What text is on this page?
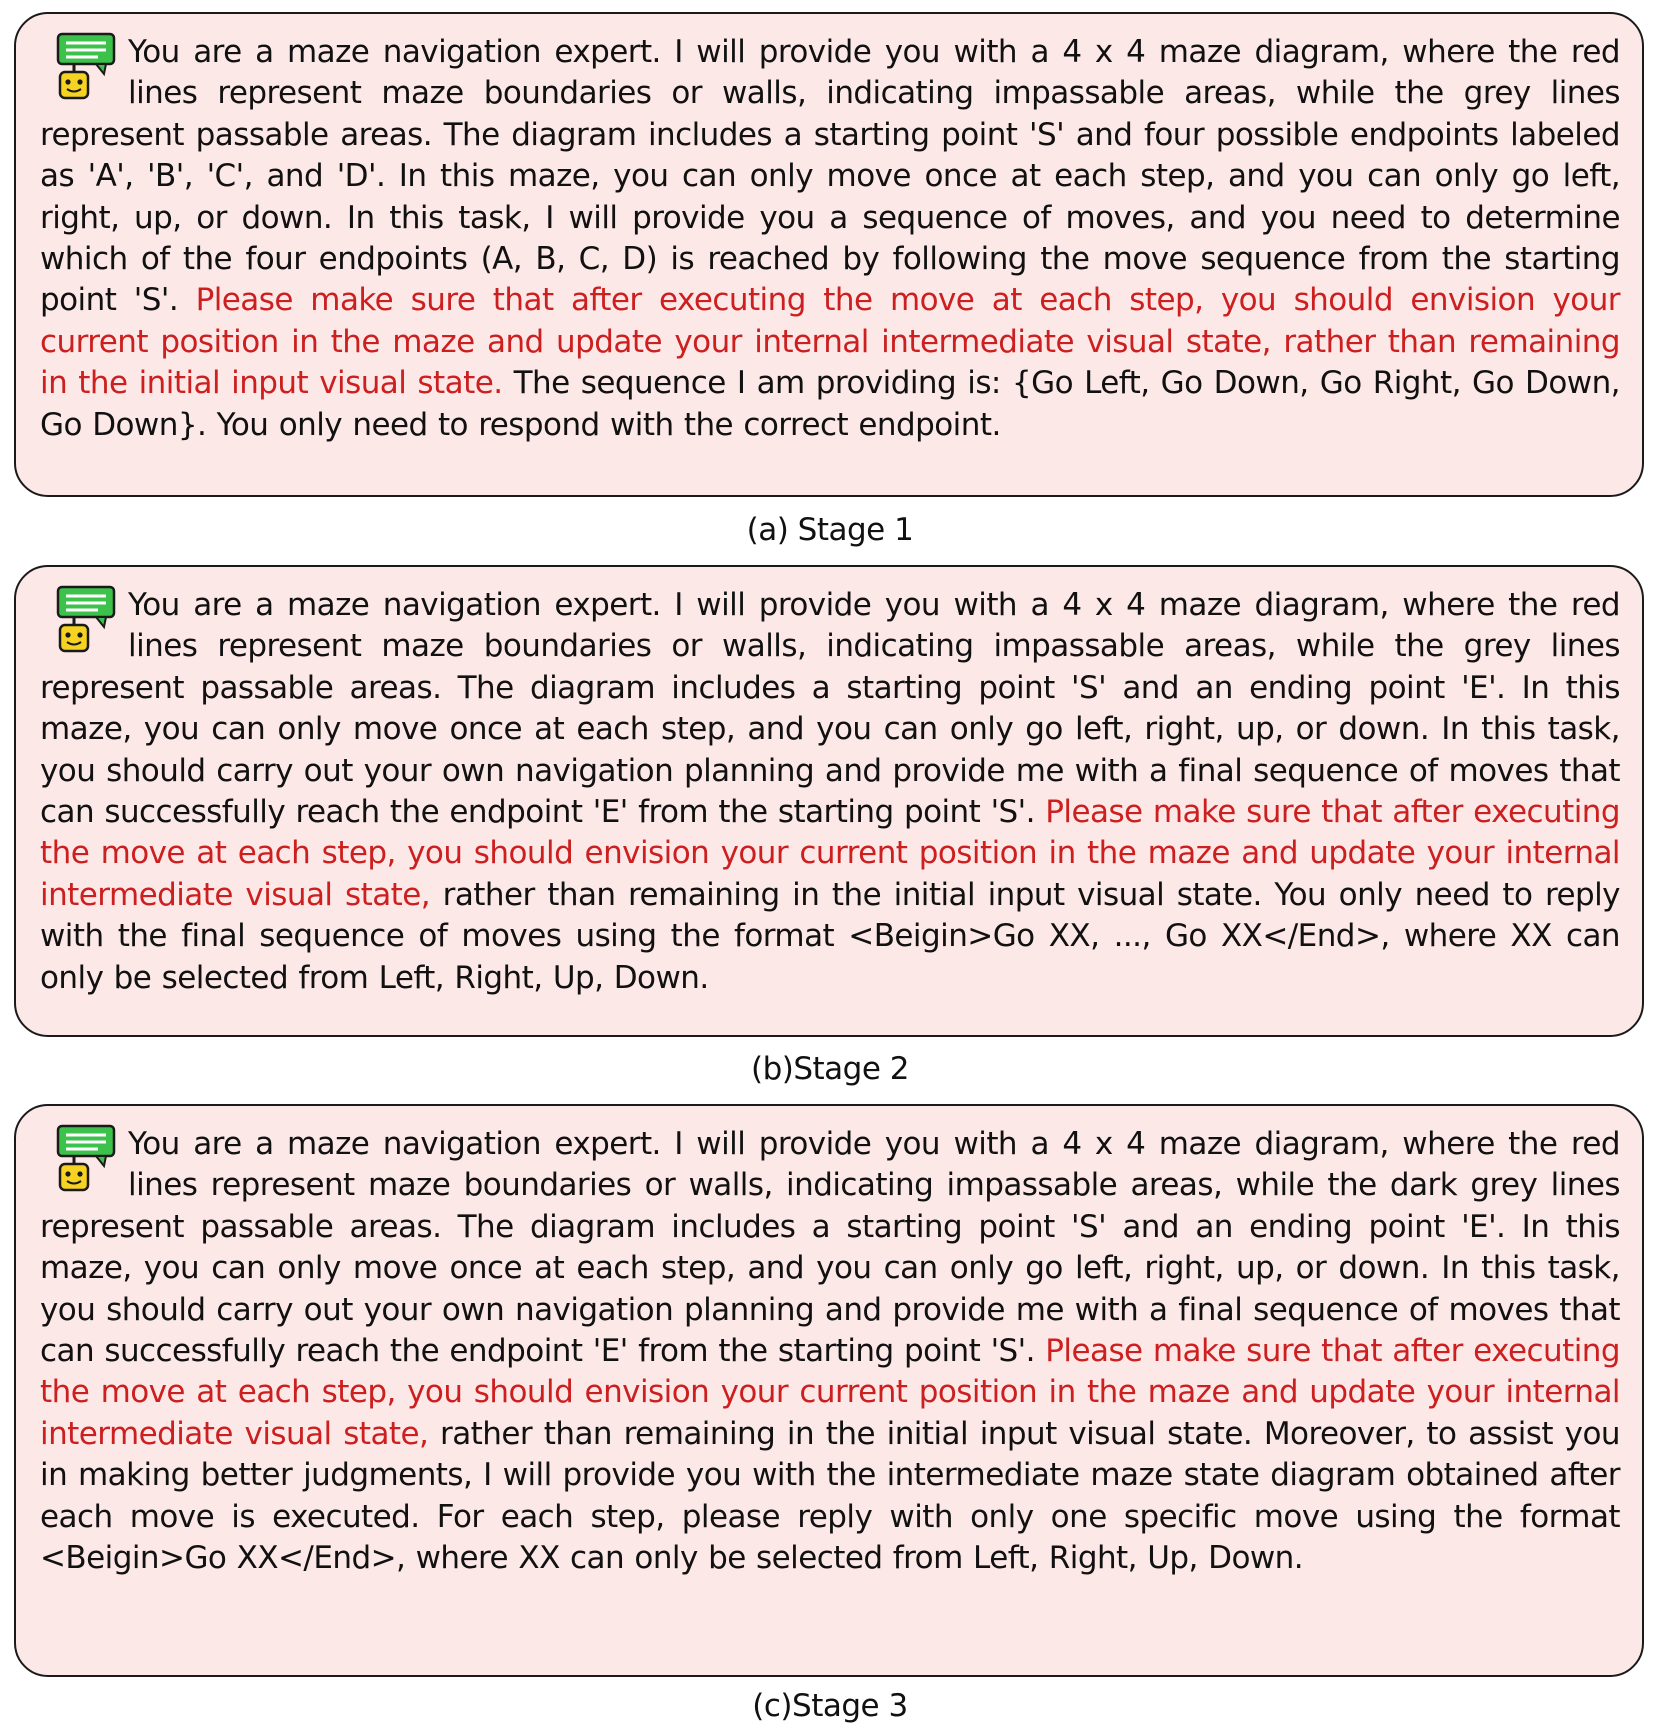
You are a maze navigation expert. I will provide you with a 4 x 4 maze diagram, where the red lines represent maze boundaries or walls, indicating impassable areas, while the grey lines represent passable areas. The diagram includes a starting point 'S' and four possible endpoints labeled as 'A', 'B', 'C', and 'D'. In this maze, you can only move once at each step, and you can only go left, right, up, or down. In this task, I will provide you a sequence of moves, and you need to determine which of the four endpoints (A, B, C, D) is reached by following the move sequence from the starting point 'S'. Please make sure that after executing the move at each step, you should envision your current position in the maze and update your internal intermediate visual state, rather than remaining in the initial input visual state. The sequence I am providing is: {Go Left, Go Down, Go Right, Go Down, Go Down}. You only need to respond with the correct endpoint.

(a) Stage 1

You are a maze navigation expert. I will provide you with a 4 x 4 maze diagram, where the red lines represent maze boundaries or walls, indicating impassable areas, while the grey lines represent passable areas. The diagram includes a starting point 'S' and an ending point 'E'. In this maze, you can only move once at each step, and you can only go left, right, up, or down. In this task, you should carry out your own navigation planning and provide me with a final sequence of moves that can successfully reach the endpoint 'E' from the starting point 'S'. Please make sure that after executing the move at each step, you should envision your current position in the maze and update your internal intermediate visual state, rather than remaining in the initial input visual state. You only need to reply with the final sequence of moves using the format <Beigin>Go XX, ..., Go XX</End>, where XX can only be selected from Left, Right, Up, Down.

(b)Stage 2

You are a maze navigation expert. I will provide you with a 4 x 4 maze diagram, where the red lines represent maze boundaries or walls, indicating impassable areas, while the dark grey lines represent passable areas. The diagram includes a starting point 'S' and an ending point 'E'. In this maze, you can only move once at each step, and you can only go left, right, up, or down. In this task, you should carry out your own navigation planning and provide me with a final sequence of moves that can successfully reach the endpoint 'E' from the starting point 'S'. Please make sure that after executing the move at each step, you should envision your current position in the maze and update your internal intermediate visual state, rather than remaining in the initial input visual state. Moreover, to assist you in making better judgments, I will provide you with the intermediate maze state diagram obtained after each move is executed. For each step, please reply with only one specific move using the format <Beigin>Go XX</End>, where XX can only be selected from Left, Right, Up, Down.

(c)Stage 3
